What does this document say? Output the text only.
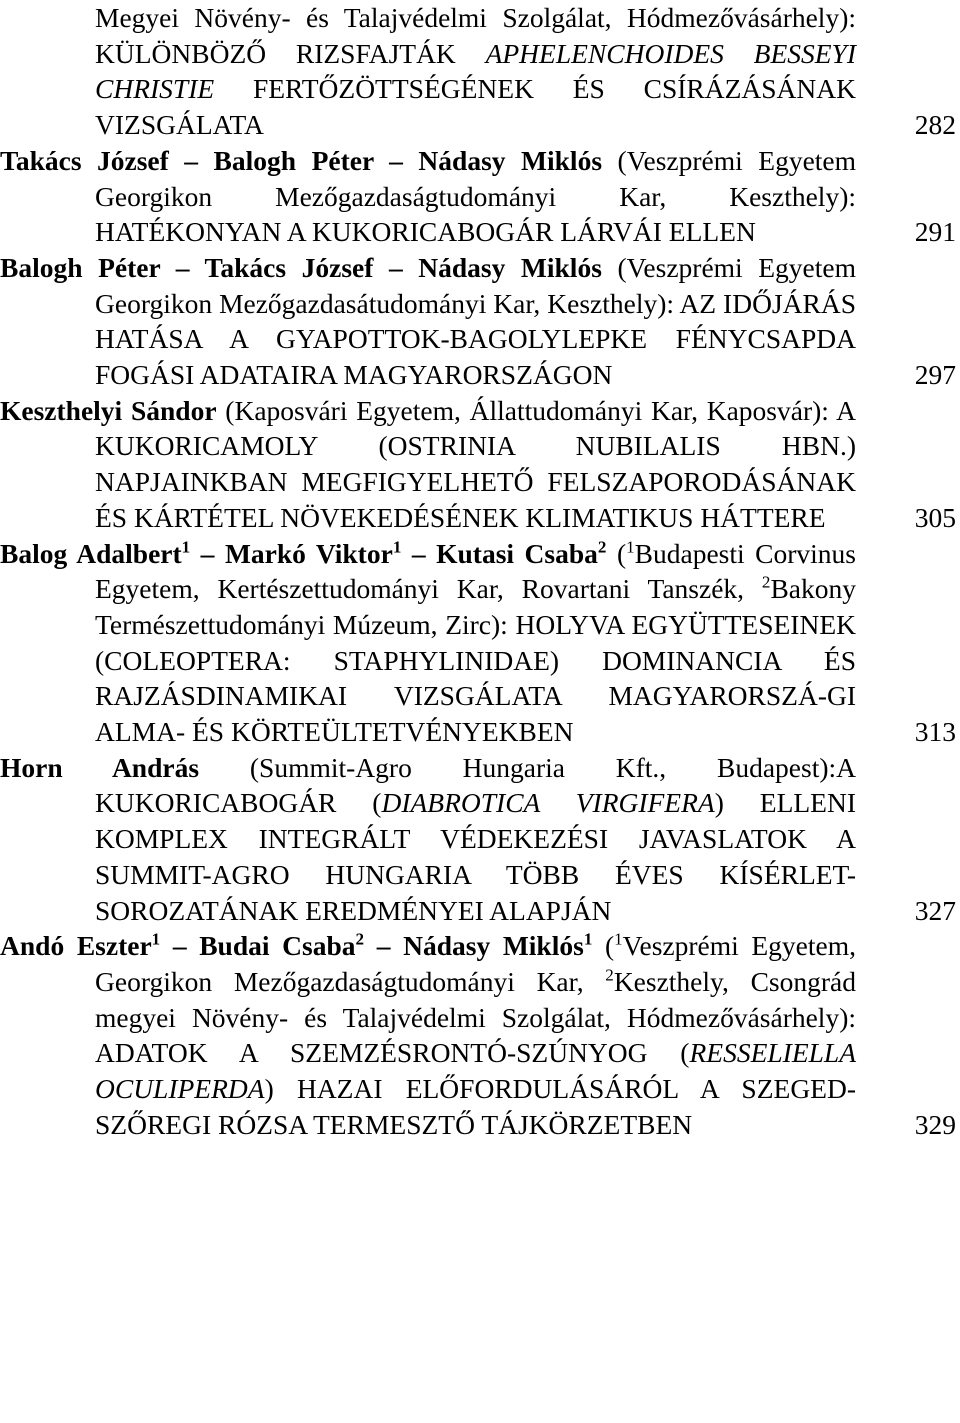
Megyei Növény- és Talajvédelmi Szolgálat, Hódmezővásárhely): KÜLÖNBÖZŐ RIZSFAJTÁK APHELENCHOIDES BESSEYI CHRISTIE FERTŐZÖTTSÉGÉNEK ÉS CSÍRÁZÁSÁNAK VIZSGÁLATA	282

Takács József – Balogh Péter – Nádasy Miklós (Veszprémi Egyetem Georgikon Mezőgazdaságtudományi Kar, Keszthely): HATÉKONYAN A KUKORICABOGÁR LÁRVÁI ELLEN	291

Balogh Péter – Takács József – Nádasy Miklós (Veszprémi Egyetem Georgikon Mezőgazdasátudományi Kar, Keszthely): AZ IDŐJÁRÁS HATÁSA A GYAPOTTOK-BAGOLYLEPKE FÉNYCSAPDA FOGÁSI ADATAIRA MAGYARORSZÁGON	297

Keszthelyi Sándor (Kaposvári Egyetem, Állattudományi Kar, Kaposvár): A KUKORICAMOLY (OSTRINIA NUBILALIS HBN.) NAPJAINKBAN MEGFIGYELHETŐ FELSZAPORODÁSÁNAK ÉS KÁRTÉTEL NÖVEKEDÉSÉNEK KLIMATIKUS HÁTTERE	305

Balog Adalbert$^1$ – Markó Viktor$^1$ – Kutasi Csaba$^2$ ($^1$Budapesti Corvinus Egyetem, Kertészettudományi Kar, Rovartani Tanszék, $^2$Bakony Természettudományi Múzeum, Zirc): HOLYVA EGYÜTTESEINEK (COLEOPTERA: STAPHYLINIDAE) DOMINANCIA ÉS RAJZÁSDINAMIKAI VIZSGÁLATA MAGYARORSZÁ-GI ALMA- ÉS KÖRTEÜLTETVÉNYEKBEN	313

Horn András (Summit-Agro Hungaria Kft., Budapest):A KUKORICABOGÁR (DIABROTICA VIRGIFERA) ELLENI KOMPLEX INTEGRÁLT VÉDEKEZÉSI JAVASLATOK A SUMMIT-AGRO HUNGARIA TÖBB ÉVES KÍSÉRLET-SOROZATÁNAK EREDMÉNYEI ALAPJÁN	327

Andó Eszter$^1$ – Budai Csaba$^2$ – Nádasy Miklós$^1$ ($^1$Veszprémi Egyetem, Georgikon Mezőgazdaságtudományi Kar, $^2$Keszthely, Csongrád megyei Növény- és Talajvédelmi Szolgálat, Hódmezővásárhely): ADATOK A SZEMZÉSRONTÓ-SZÚNYOG (RESSELIELLA OCULIPERDA) HAZAI ELŐFORDULÁSÁRÓL A SZEGED-SZŐREGI RÓZSA TERMESZTŐ TÁJKÖRZETBEN	329
